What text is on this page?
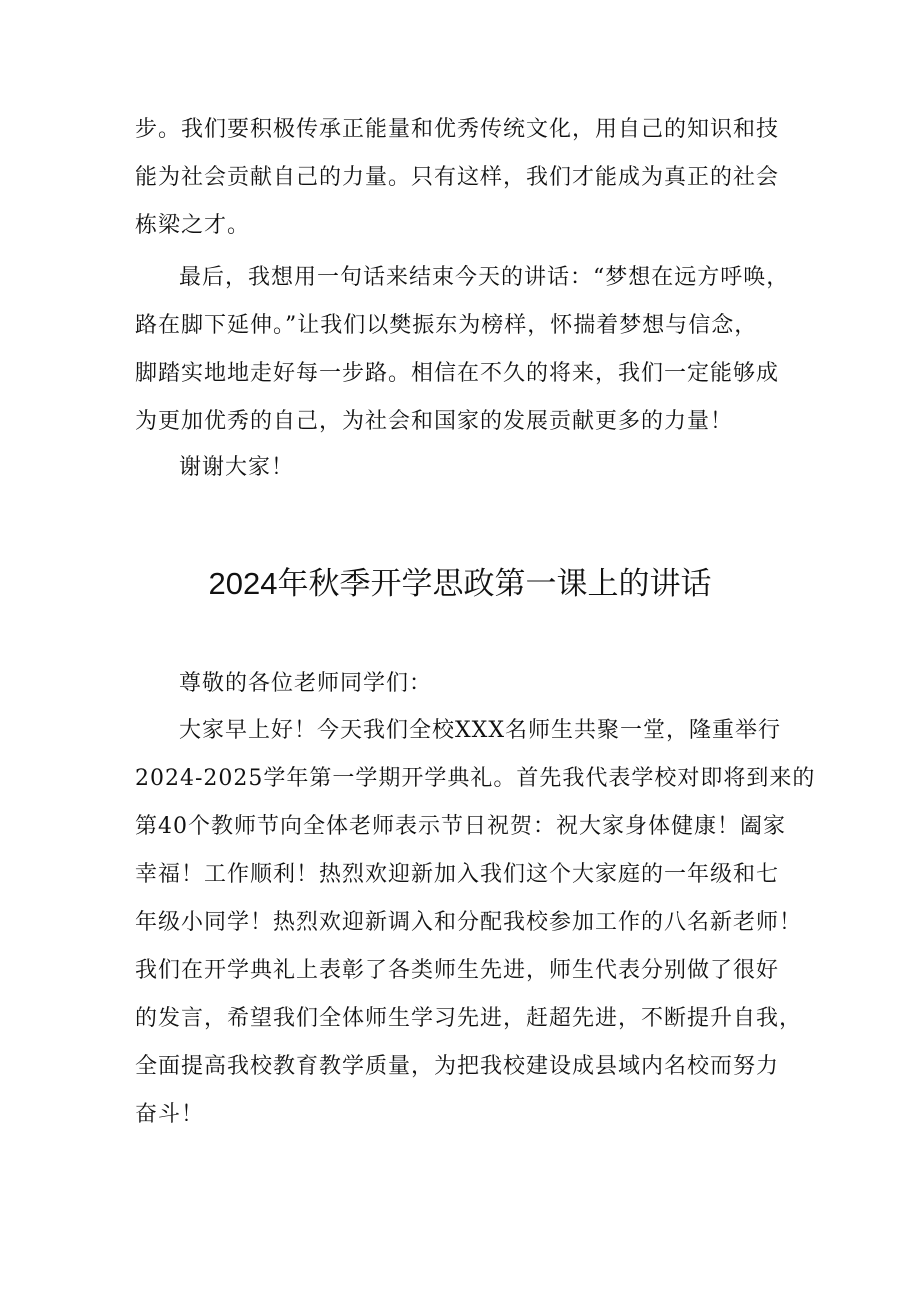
步。我们要积极传承正能量和优秀传统文化，用自己的知识和技
能为社会贡献自己的力量。只有这样，我们才能成为真正的社会
栋梁之才。
最后，我想用一句话来结束今天的讲话：“梦想在远方呼唤，
路在脚下延伸。”让我们以樊振东为榜样，怀揣着梦想与信念，
脚踏实地地走好每一步路。相信在不久的将来，我们一定能够成
为更加优秀的自己，为社会和国家的发展贡献更多的力量！
谢谢大家！
2024年秋季开学思政第一课上的讲话
尊敬的各位老师同学们：
大家早上好！今天我们全校XXX名师生共聚一堂，隆重举行
2024-2025学年第一学期开学典礼。首先我代表学校对即将到来的
第40个教师节向全体老师表示节日祝贺：祝大家身体健康！阖家
幸福！工作顺利！热烈欢迎新加入我们这个大家庭的一年级和七
年级小同学！热烈欢迎新调入和分配我校参加工作的八名新老师！
我们在开学典礼上表彰了各类师生先进，师生代表分别做了很好
的发言，希望我们全体师生学习先进，赶超先进，不断提升自我，
全面提高我校教育教学质量，为把我校建设成县域内名校而努力
奋斗！
